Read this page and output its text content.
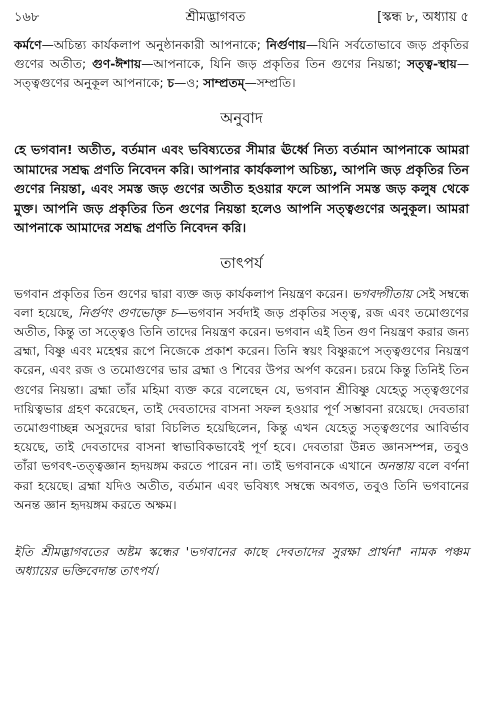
১৬৮	শ্রীমদ্ভাগবত	[স্কন্ধ ৮, অধ্যায় ৫
কর্মণে—অচিন্ত্য কার্যকলাপ অনুষ্ঠানকারী আপনাকে; নির্গুণায়—যিনি সর্বতোভাবে জড় প্রকৃতির গুণের অতীত; গুণ-ঈশায়—আপনাকে, যিনি জড় প্রকৃতির তিন গুণের নিয়ন্তা; সত্ত্ব-স্থায়—সত্ত্বগুণের অনুকূল আপনাকে; চ—ও; সাম্প্রতম্—সম্প্রতি।
অনুবাদ
হে ভগবান! অতীত, বর্তমান এবং ভবিষ্যতের সীমার ঊর্ধ্বে নিত্য বর্তমান আপনাকে আমরা আমাদের সশ্রদ্ধ প্রণতি নিবেদন করি। আপনার কার্যকলাপ অচিন্ত্য, আপনি জড় প্রকৃতির তিন গুণের নিয়ন্তা, এবং সমস্ত জড় গুণের অতীত হওয়ার ফলে আপনি সমস্ত জড় কলুষ থেকে মুক্ত। আপনি জড় প্রকৃতির তিন গুণের নিয়ন্তা হলেও আপনি সত্ত্বগুণের অনুকূল। আমরা আপনাকে আমাদের সশ্রদ্ধ প্রণতি নিবেদন করি।
তাৎপর্য
ভগবান প্রকৃতির তিন গুণের দ্বারা ব্যক্ত জড় কার্যকলাপ নিয়ন্ত্রণ করেন। ভগবদ্গীতায় সেই সম্বন্ধে বলা হয়েছে, নির্গুণং গুণভোক্তৃ চ—ভগবান সর্বদাই জড় প্রকৃতির সত্ত্ব, রজ এবং তমোগুণের অতীত, কিন্তু তা সত্ত্বেও তিনি তাদের নিয়ন্ত্রণ করেন। ভগবান এই তিন গুণ নিয়ন্ত্রণ করার জন্য ব্রহ্মা, বিষ্ণু এবং মহেশ্বর রূপে নিজেকে প্রকাশ করেন। তিনি স্বয়ং বিষ্ণুরূপে সত্ত্বগুণের নিয়ন্ত্রণ করেন, এবং রজ ও তমোগুণের ভার ব্রহ্মা ও শিবের উপর অর্পণ করেন। চরমে কিন্তু তিনিই তিন গুণের নিয়ন্তা। ব্রহ্মা তাঁর মহিমা ব্যক্ত করে বলেছেন যে, ভগবান শ্রীবিষ্ণু যেহেতু সত্ত্বগুণের দায়িত্বভার গ্রহণ করেছেন, তাই দেবতাদের বাসনা সফল হওয়ার পূর্ণ সম্ভাবনা রয়েছে। দেবতারা তমোগুণাচ্ছন্ন অসুরদের দ্বারা বিচলিত হয়েছিলেন, কিন্তু এখন যেহেতু সত্ত্বগুণের আবির্ভাব হয়েছে, তাই দেবতাদের বাসনা স্বাভাবিকভাবেই পূর্ণ হবে। দেবতারা উন্নত জ্ঞানসম্পন্ন, তবুও তাঁরা ভগবৎ-তত্ত্বজ্ঞান হৃদয়ঙ্গম করতে পারেন না। তাই ভগবানকে এখানে অনন্তায় বলে বর্ণনা করা হয়েছে। ব্রহ্মা যদিও অতীত, বর্তমান এবং ভবিষ্যৎ সম্বন্ধে অবগত, তবুও তিনি ভগবানের অনন্ত জ্ঞান হৃদয়ঙ্গম করতে অক্ষম।
ইতি শ্রীমদ্ভাগবতের অষ্টম স্কন্ধের 'ভগবানের কাছে দেবতাদের সুরক্ষা প্রার্থনা' নামক পঞ্চম অধ্যায়ের ভক্তিবেদান্ত তাৎপর্য।
